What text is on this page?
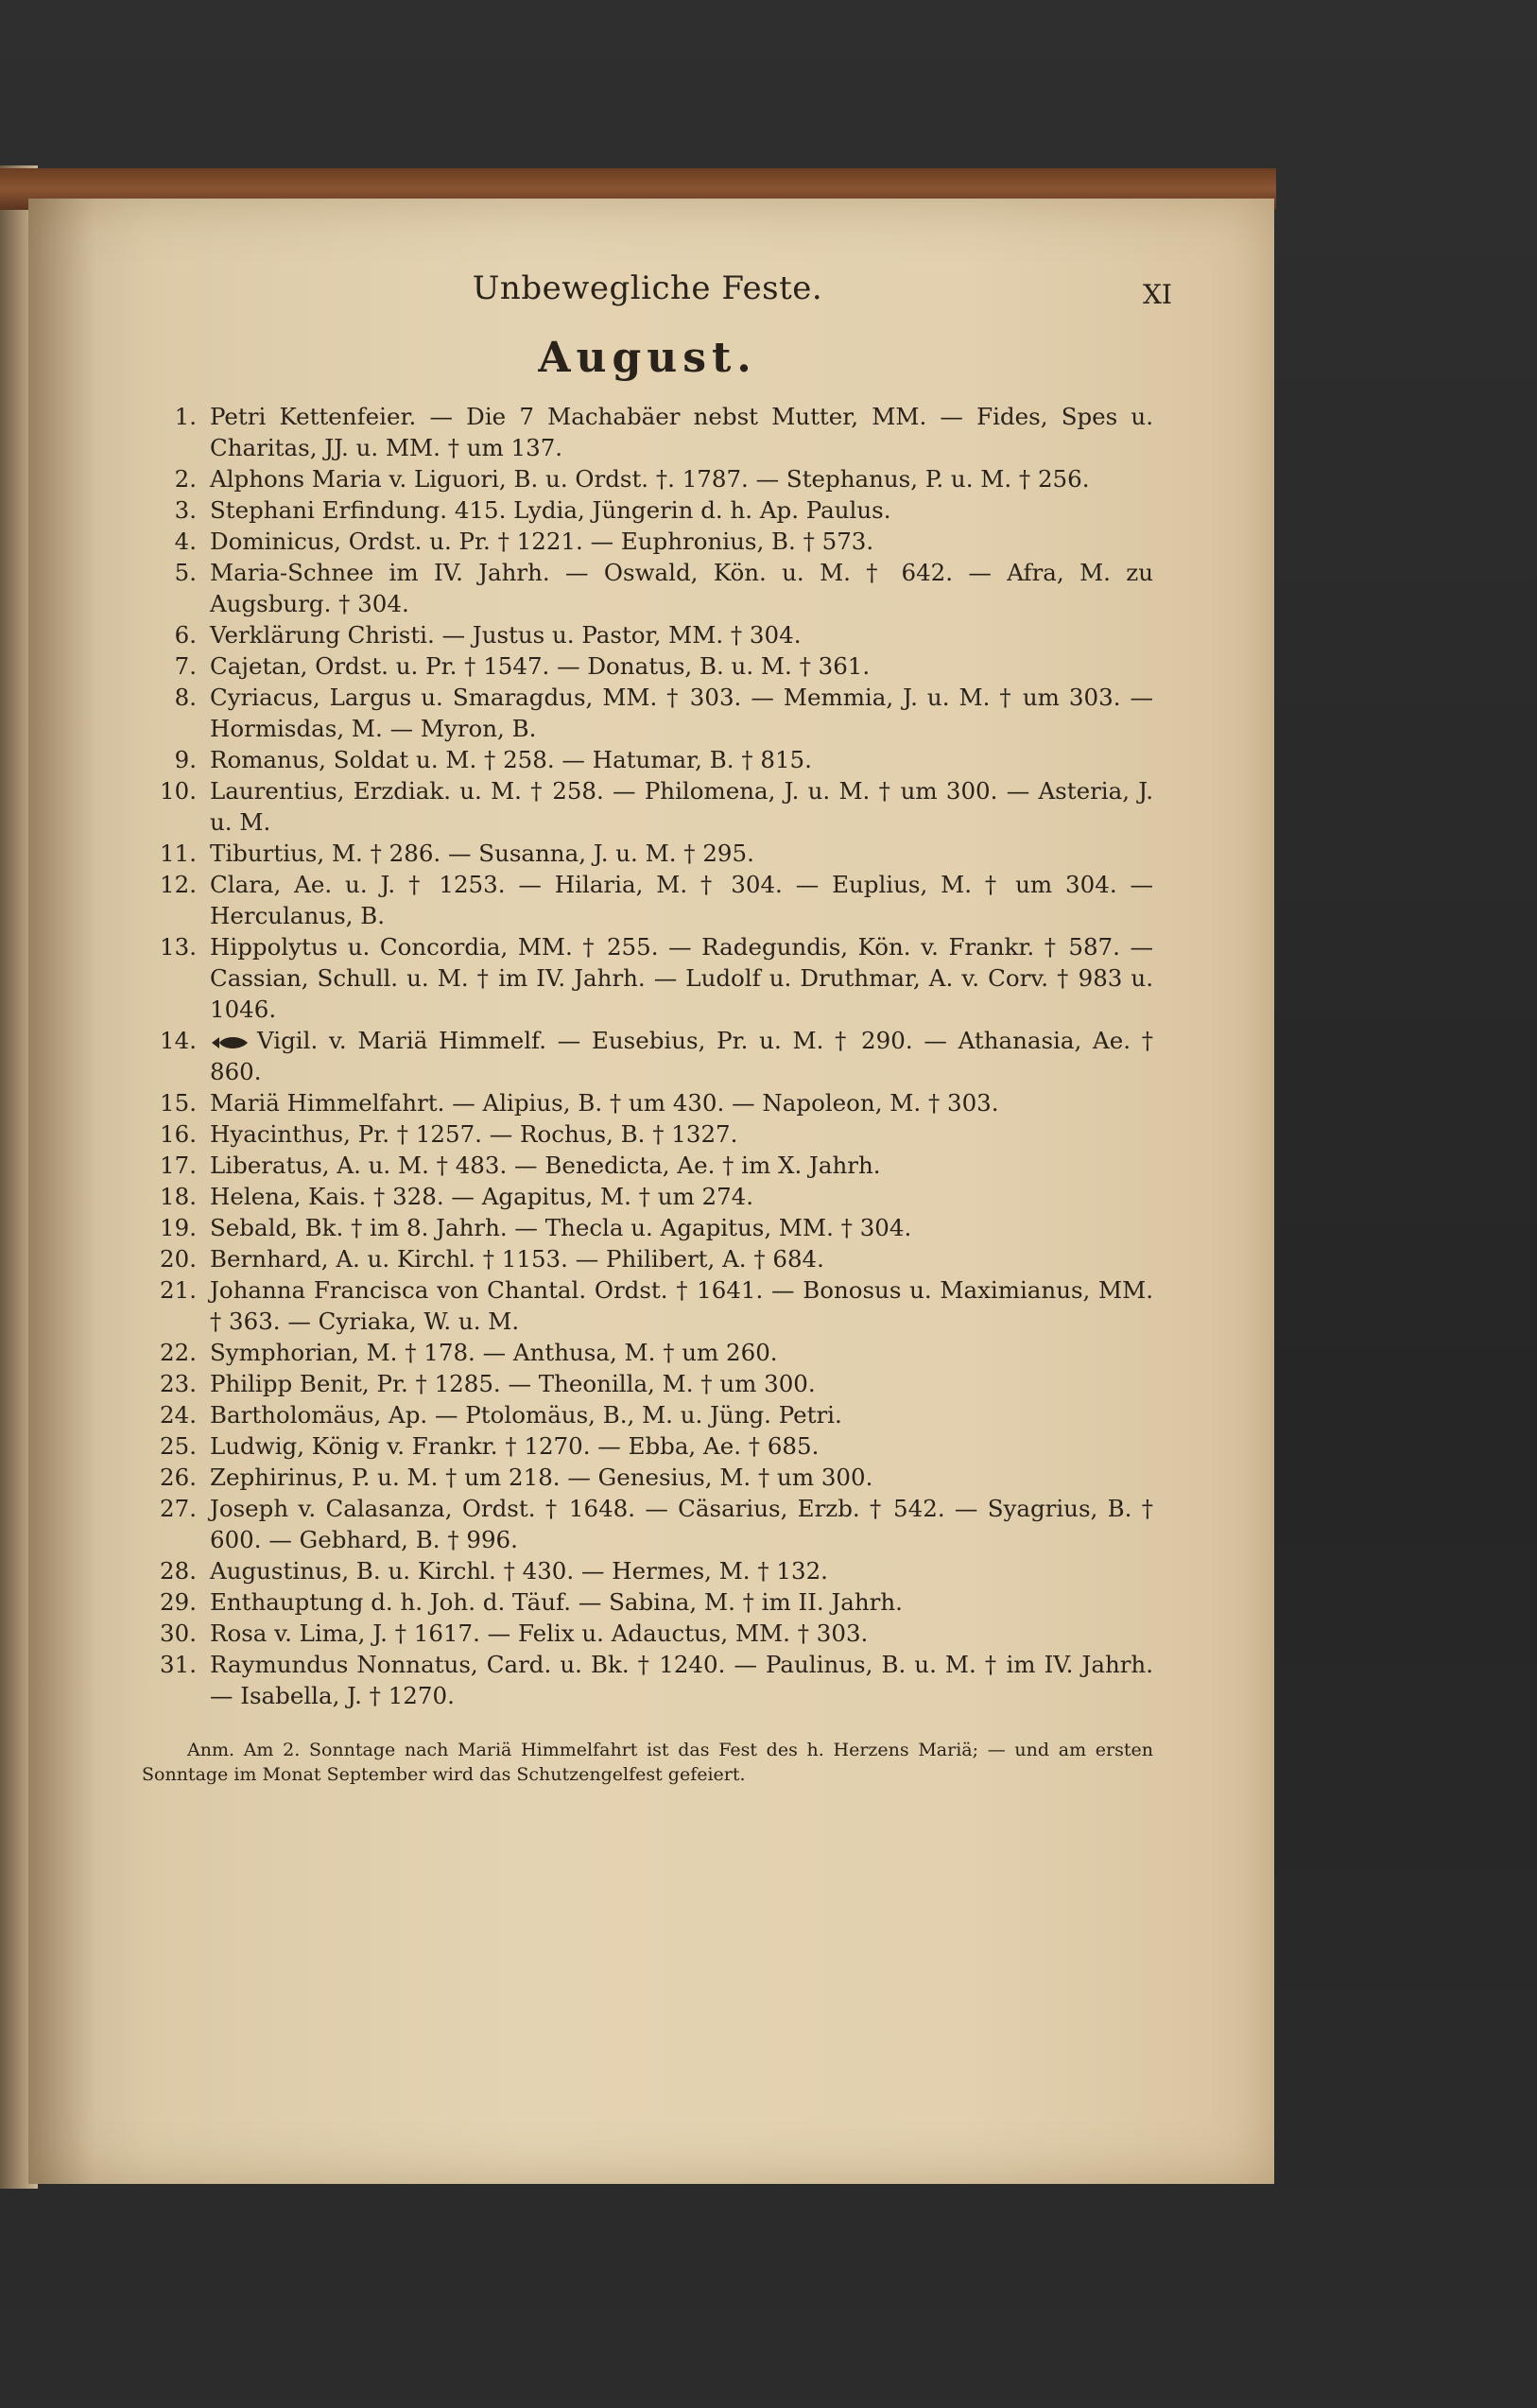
Unbewegliche Feste.	XI
August.
1. Petri Kettenfeier. — Die 7 Machabäer nebst Mutter, MM. — Fides, Spes u. Charitas, JJ. u. MM. † um 137.
2. Alphons Maria v. Liguori, B. u. Ordst. †. 1787. — Stephanus, P. u. M. † 256.
3. Stephani Erfindung. 415. Lydia, Jüngerin d. h. Ap. Paulus.
4. Dominicus, Ordst. u. Pr. † 1221. — Euphronius, B. † 573.
5. Maria-Schnee im IV. Jahrh. — Oswald, Kön. u. M. † 642. — Afra, M. zu Augsburg. † 304.
6. Verklärung Christi. — Justus u. Pastor, MM. † 304.
7. Cajetan, Ordst. u. Pr. † 1547. — Donatus, B. u. M. † 361.
8. Cyriacus, Largus u. Smaragdus, MM. † 303. — Memmia, J. u. M. † um 303. — Hormisdas, M. — Myron, B.
9. Romanus, Soldat u. M. † 258. — Hatumar, B. † 815.
10. Laurentius, Erzdiak. u. M. † 258. — Philomena, J. u. M. † um 300. — Asteria, J. u. M.
11. Tiburtius, M. † 286. — Susanna, J. u. M. † 295.
12. Clara, Ae. u. J. † 1253. — Hilaria, M. † 304. — Euplius, M. † um 304. — Herculanus, B.
13. Hippolytus u. Concordia, MM. † 255. — Radegundis, Kön. v. Frankr. † 587. — Cassian, Schull. u. M. † im IV. Jahrh. — Ludolf u. Druthmar, A. v. Corv. † 983 u. 1046.
14.	Vigil. v. Mariä Himmelf. — Eusebius, Pr. u. M. † 290. — Athanasia, Ae. † 860.
15. Mariä Himmelfahrt. — Alipius, B. † um 430. — Napoleon, M. † 303.
16. Hyacinthus, Pr. † 1257. — Rochus, B. † 1327.
17. Liberatus, A. u. M. † 483. — Benedicta, Ae. † im X. Jahrh.
18. Helena, Kais. † 328. — Agapitus, M. † um 274.
19. Sebald, Bk. † im 8. Jahrh. — Thecla u. Agapitus, MM. † 304.
20. Bernhard, A. u. Kirchl. † 1153. — Philibert, A. † 684.
21. Johanna Francisca von Chantal. Ordst. † 1641. — Bonosus u. Maximianus, MM. † 363. — Cyriaka, W. u. M.
22. Symphorian, M. † 178. — Anthusa, M. † um 260.
23. Philipp Benit, Pr. † 1285. — Theonilla, M. † um 300.
24. Bartholomäus, Ap. — Ptolomäus, B., M. u. Jüng. Petri.
25. Ludwig, König v. Frankr. † 1270. — Ebba, Ae. † 685.
26. Zephirinus, P. u. M. † um 218. — Genesius, M. † um 300.
27. Joseph v. Calasanza, Ordst. † 1648. — Cäsarius, Erzb. † 542. — Syagrius, B. † 600. — Gebhard, B. † 996.
28. Augustinus, B. u. Kirchl. † 430. — Hermes, M. † 132.
29. Enthauptung d. h. Joh. d. Täuf. — Sabina, M. † im II. Jahrh.
30. Rosa v. Lima, J. † 1617. — Felix u. Adauctus, MM. † 303.
31. Raymundus Nonnatus, Card. u. Bk. † 1240. — Paulinus, B. u. M. † im IV. Jahrh. — Isabella, J. † 1270.
Anm. Am 2. Sonntage nach Mariä Himmelfahrt ist das Fest des h. Herzens Mariä; — und am ersten Sonntage im Monat September wird das Schutzengelfest gefeiert.
